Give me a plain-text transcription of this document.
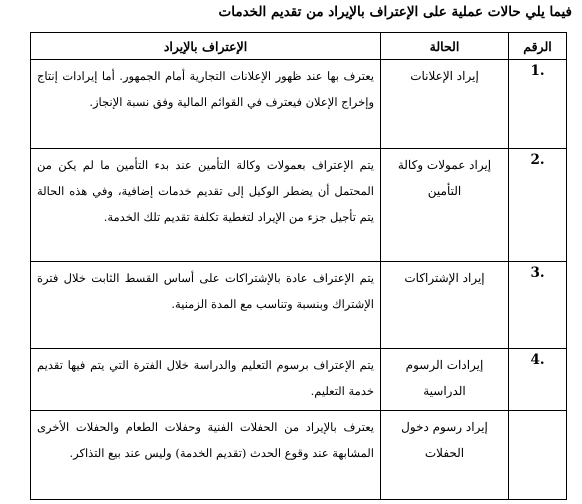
فيما يلي حالات عملية على الإعتراف بالإيراد من تقديم الخدمات
الرقم	الحالة	الإعتراف بالإيراد
.1	إيراد الإعلانات	يعترف بها عند ظهور الإعلانات التجارية أمام الجمهور. أما إيرادات إنتاج وإخراج الإعلان فيعترف في القوائم المالية وفق نسبة الإنجاز.
.2	إيراد عمولات وكالة التأمين	يتم الإعتراف بعمولات وكالة التأمين عند بدء التأمين ما لم يكن من المحتمل أن يضطر الوكيل إلى تقديم خدمات إضافية، وفي هذه الحالة يتم تأجيل جزء من الإيراد لتغطية تكلفة تقديم تلك الخدمة.
.3	إيراد الإشتراكات	يتم الإعتراف عادة بالإشتراكات على أساس القسط الثابت خلال فترة الإشتراك وبنسبة وتناسب مع المدة الزمنية.
.4	إيرادات الرسوم الدراسية	يتم الإعتراف برسوم التعليم والدراسة خلال الفترة التي يتم فيها تقديم خدمة التعليم.
	إيراد رسوم دخول الحفلات	يعترف بالإيراد من الحفلات الفنية وحفلات الطعام والحفلات الأخرى المشابهة عند وقوع الحدث (تقديم الخدمة) وليس عند بيع التذاكر.
